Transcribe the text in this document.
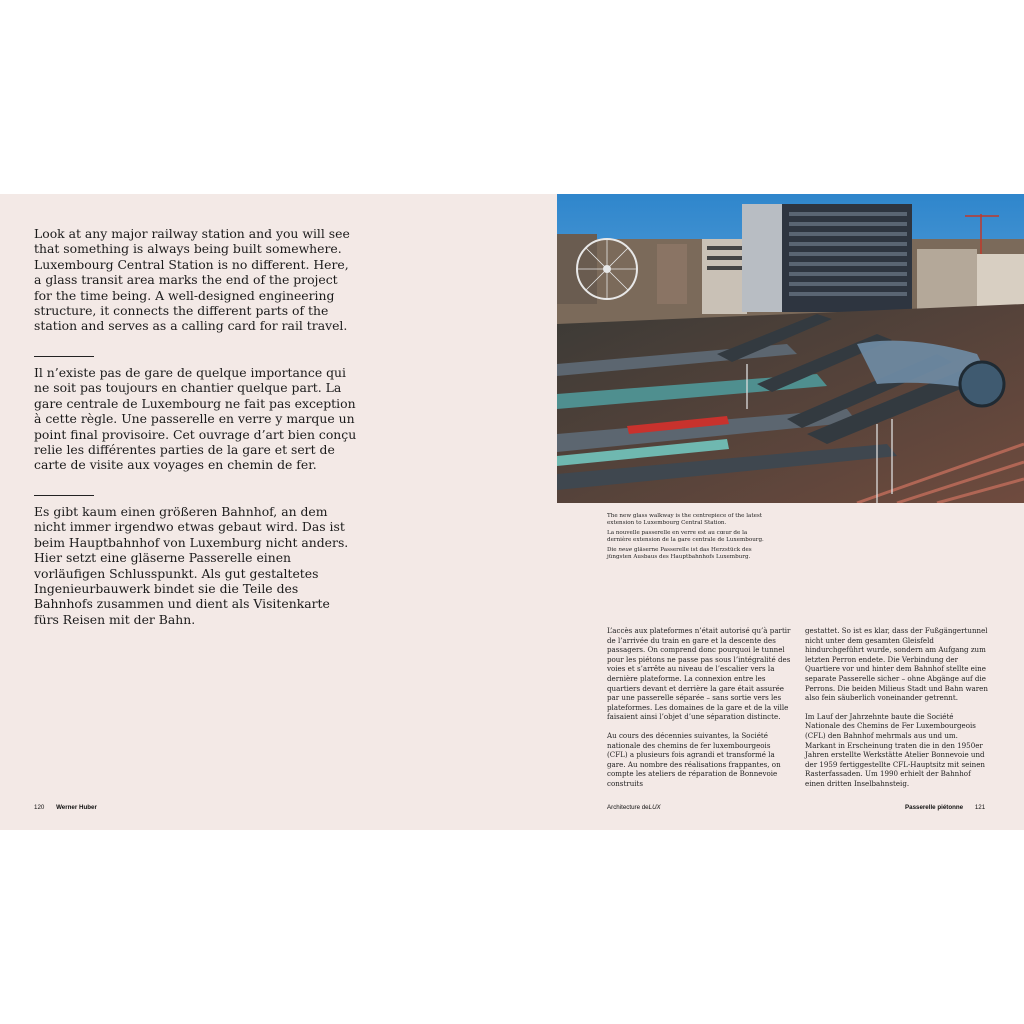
Look at any major railway station and you will see that something is always being built somewhere. Luxembourg Central Station is no different. Here, a glass transit area marks the end of the project for the time being. A well-designed engineering structure, it connects the different parts of the station and serves as a calling card for rail travel.

Il n’existe pas de gare de quelque importance qui ne soit pas toujours en chantier quelque part. La gare centrale de Luxembourg ne fait pas exception à cette règle. Une passerelle en verre y marque un point final provisoire. Cet ouvrage d’art bien conçu relie les différentes parties de la gare et sert de carte de visite aux voyages en chemin de fer.

Es gibt kaum einen größeren Bahnhof, an dem nicht immer irgendwo etwas gebaut wird. Das ist beim Hauptbahnhof von Luxemburg nicht anders. Hier setzt eine gläserne Passerelle einen vorläufigen Schlusspunkt. Als gut gestaltetes Ingenieurbauwerk bindet sie die Teile des Bahnhofs zusammen und dient als Visitenkarte fürs Reisen mit der Bahn.

The new glass walkway is the centrepiece of the latest extension to Luxembourg Central Station.

La nouvelle passerelle en verre est au cœur de la dernière extension de la gare centrale de Luxembourg.

Die neue gläserne Passerelle ist das Herzstück des jüngsten Ausbaus des Hauptbahnhofs Luxemburg.

L’accès aux plateformes n’était autorisé qu’à partir de l’arrivée du train en gare et la descente des passagers. On comprend donc pourquoi le tunnel pour les piétons ne passe pas sous l’intégralité des voies et s’arrête au niveau de l’escalier vers la dernière plateforme. La connexion entre les quartiers devant et derrière la gare était assurée par une passerelle séparée – sans sortie vers les plateformes. Les domaines de la gare et de la ville faisaient ainsi l’objet d’une séparation distincte.

Au cours des décennies suivantes, la Société nationale des chemins de fer luxembourgeois (CFL) a plusieurs fois agrandi et transformé la gare. Au nombre des réalisations frappantes, on compte les ateliers de réparation de Bonnevoie construits

gestattet. So ist es klar, dass der Fußgängertunnel nicht unter dem gesamten Gleisfeld hindurchgeführt wurde, sondern am Aufgang zum letzten Perron endete. Die Verbindung der Quartiere vor und hinter dem Bahnhof stellte eine separate Passerelle sicher – ohne Abgänge auf die Perrons. Die beiden Milieus Stadt und Bahn waren also fein säuberlich voneinander getrennt.

Im Lauf der Jahrzehnte baute die Société Nationale des Chemins de Fer Luxembourgeois (CFL) den Bahnhof mehrmals aus und um. Markant in Erscheinung traten die in den 1950er Jahren erstellte Werkstätte Atelier Bonnevoie und der 1959 fertiggestellte CFL-Hauptsitz mit seinen Rasterfassaden. Um 1990 erhielt der Bahnhof einen dritten Inselbahnsteig.

120 Werner Huber	Architecture deLUX	Passerelle piétonne 121
